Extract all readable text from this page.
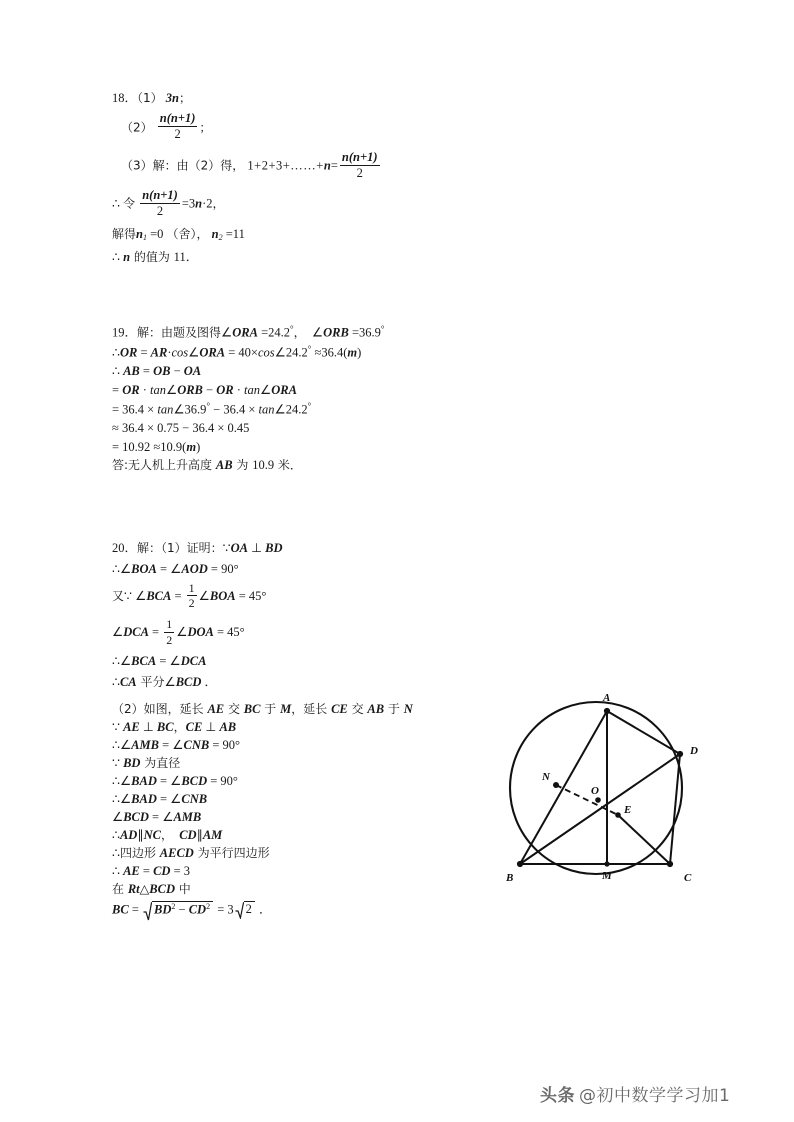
18．（1） 3n；
$(2) \frac{n(n+1)}{2}$ ；
（3）解：由（2）得， 1+2+3+……+n= $\frac{n(n+1)}{2}$
∴ 令 $\frac{n(n+1)}{2} =3n\cdot 2$，
解得$n_1 =0$ （舍）， $n_2 =11$
∴ n 的值为 11．
19．解：由题及图得∠ORA =24.2°， ∠ORB =36.9°
∴OR = AR·cos∠ORA = 40×cos∠24.2° ≈36.4(m)
∴ AB = OB − OA
= OR · tan∠ORB − OR · tan∠ORA
= 36.4 × tan∠36.9° − 36.4 × tan∠24.2°
≈ 36.4 × 0.75 − 36.4 × 0.45
= 10.92 ≈10.9(m)
答:无人机上升高度 AB 为 10.9 米．
20．解：（1）证明：∵OA ⊥ BD
∴∠BOA = ∠AOD = 90°
又∵ ∠BCA = $\frac{1}{2}$ ∠BOA = 45°
∠DCA = $\frac{1}{2}$ ∠DOA = 45°
∴∠BCA = ∠DCA
∴CA 平分∠BCD ．
（2）如图，延长 AE 交 BC 于 M，延长 CE 交 AB 于 N
∵ AE ⊥ BC，CE ⊥ AB
∴∠AMB = ∠CNB = 90°
∵ BD 为直径
∴∠BAD = ∠BCD = 90°
∴∠BAD = ∠CNB
∠BCD = ∠AMB
∴AD∥NC， CD∥AM
∴四边形 AECD 为平行四边形
∴ AE = CD = 3
在 Rt△BCD 中
BC =
$BD^2 - CD^2 = 3$ 2 ．
A
D
N
O
E
B	M	C
头条 @初中数学学习加1
